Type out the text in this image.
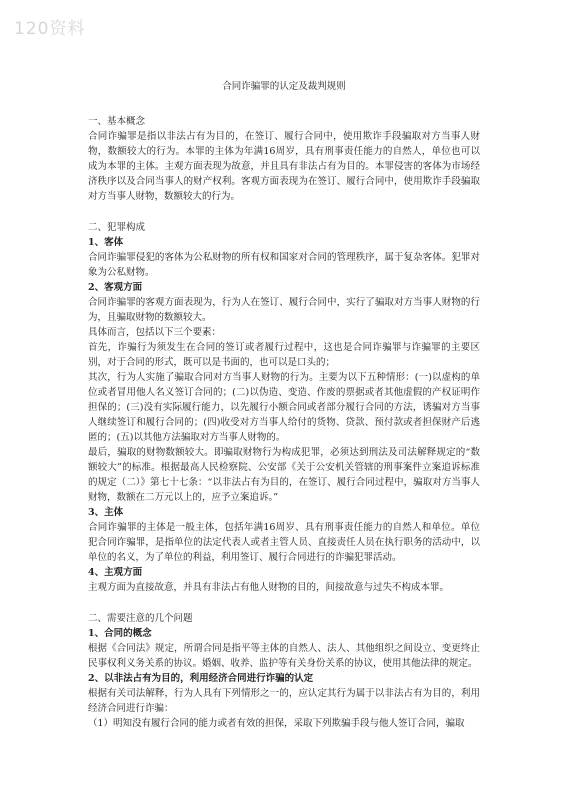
120资料
合同诈骗罪的认定及裁判规则
一、基本概念

合同诈骗罪是指以非法占有为目的，在签订、履行合同中，使用欺诈手段骗取对方当事人财物，数额较大的行为。本罪的主体为年满16周岁，具有刑事责任能力的自然人，单位也可以成为本罪的主体。主观方面表现为故意，并且具有非法占有为目的。本罪侵害的客体为市场经济秩序以及合同当事人的财产权利。客观方面表现为在签订、履行合同中，使用欺诈手段骗取对方当事人财物，数额较大的行为。

二、犯罪构成
1、客体

合同诈骗罪侵犯的客体为公私财物的所有权和国家对合同的管理秩序，属于复杂客体。犯罪对象为公私财物。

2、客观方面

合同诈骗罪的客观方面表现为，行为人在签订、履行合同中，实行了骗取对方当事人财物的行为，且骗取财物的数额较大。

具体而言，包括以下三个要素：

首先，诈骗行为须发生在合同的签订或者履行过程中，这也是合同诈骗罪与诈骗罪的主要区别，对于合同的形式，既可以是书面的，也可以是口头的；

其次，行为人实施了骗取合同对方当事人财物的行为。主要为以下五种情形：(一)以虚构的单位或者冒用他人名义签订合同的；(二)以伪造、变造、作废的票据或者其他虚假的产权证明作担保的；(三)没有实际履行能力，以先履行小额合同或者部分履行合同的方法，诱骗对方当事人继续签订和履行合同的；(四)收受对方当事人给付的货物、贷款、预付款或者担保财产后逃匿的；(五)以其他方法骗取对方当事人财物的。

最后，骗取的财物数额较大。即骗取财物行为构成犯罪，必须达到刑法及司法解释规定的“数额较大”的标准。根据最高人民检察院、公安部《关于公安机关管辖的刑事案件立案追诉标准的规定（二）》第七十七条：“以非法占有为目的，在签订、履行合同过程中，骗取对方当事人财物，数额在二万元以上的，应予立案追诉。”

3、主体

合同诈骗罪的主体是一般主体，包括年满16周岁、具有刑事责任能力的自然人和单位。单位犯合同诈骗罪，是指单位的法定代表人或者主管人员、直接责任人员在执行职务的活动中，以单位的名义，为了单位的利益，利用签订、履行合同进行的诈骗犯罪活动。

4、主观方面

主观方面为直接故意，并具有非法占有他人财物的目的，间接故意与过失不构成本罪。

二、需要注意的几个问题
1、合同的概念

根据《合同法》规定，所谓合同是指平等主体的自然人、法人、其他组织之间设立、变更终止民事权利义务关系的协议。婚姻、收养、监护等有关身份关系的协议，使用其他法律的规定。

2、以非法占有为目的，利用经济合同进行诈骗的认定

根据有关司法解释，行为人具有下列情形之一的，应认定其行为属于以非法占有为目的，利用经济合同进行诈骗：

（1）明知没有履行合同的能力或者有效的担保，采取下列欺骗手段与他人签订合同，骗取
